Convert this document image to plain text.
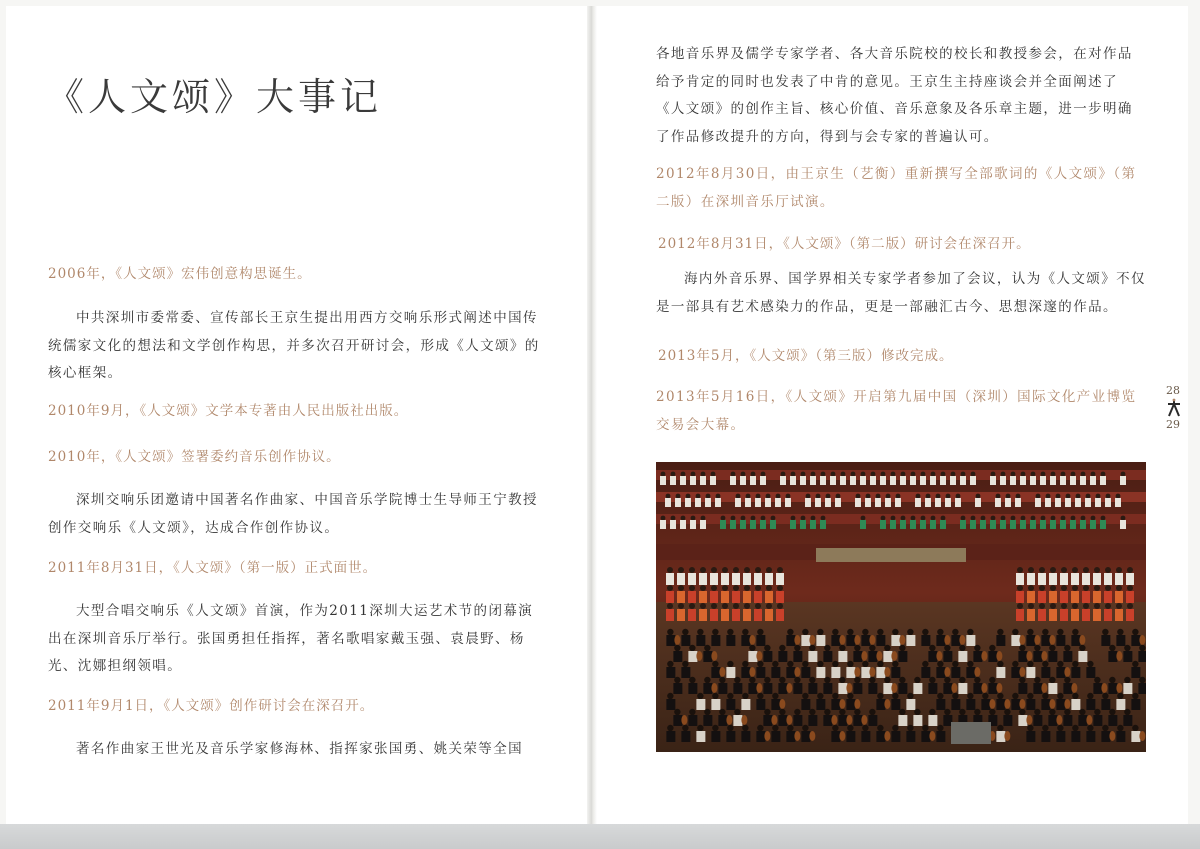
《人文颂》大事记

2006年，《人文颂》宏伟创意构思诞生。

中共深圳市委常委、宣传部长王京生提出用西方交响乐形式阐述中国传统儒家文化的想法和文学创作构思，并多次召开研讨会，形成《人文颂》的核心框架。

2010年9月，《人文颂》文学本专著由人民出版社出版。

2010年，《人文颂》签署委约音乐创作协议。

深圳交响乐团邀请中国著名作曲家、中国音乐学院博士生导师王宁教授创作交响乐《人文颂》，达成合作创作协议。

2011年8月31日，《人文颂》（第一版）正式面世。

大型合唱交响乐《人文颂》首演，作为2011深圳大运艺术节的闭幕演出在深圳音乐厅举行。张国勇担任指挥，著名歌唱家戴玉强、袁晨野、杨光、沈娜担纲领唱。

2011年9月1日，《人文颂》创作研讨会在深召开。

著名作曲家王世光及音乐学家修海林、指挥家张国勇、姚关荣等全国

各地音乐界及儒学专家学者、各大音乐院校的校长和教授参会，在对作品给予肯定的同时也发表了中肯的意见。王京生主持座谈会并全面阐述了《人文颂》的创作主旨、核心价值、音乐意象及各乐章主题，进一步明确了作品修改提升的方向，得到与会专家的普遍认可。

2012年8月30日，由王京生（艺衡）重新撰写全部歌词的《人文颂》（第二版）在深圳音乐厅试演。

2012年8月31日，《人文颂》（第二版）研讨会在深召开。

海内外音乐界、国学界相关专家学者参加了会议，认为《人文颂》不仅是一部具有艺术感染力的作品，更是一部融汇古今、思想深邃的作品。

2013年5月，《人文颂》（第三版）修改完成。

2013年5月16日，《人文颂》开启第九届中国（深圳）国际文化产业博览交易会大幕。

28
29
